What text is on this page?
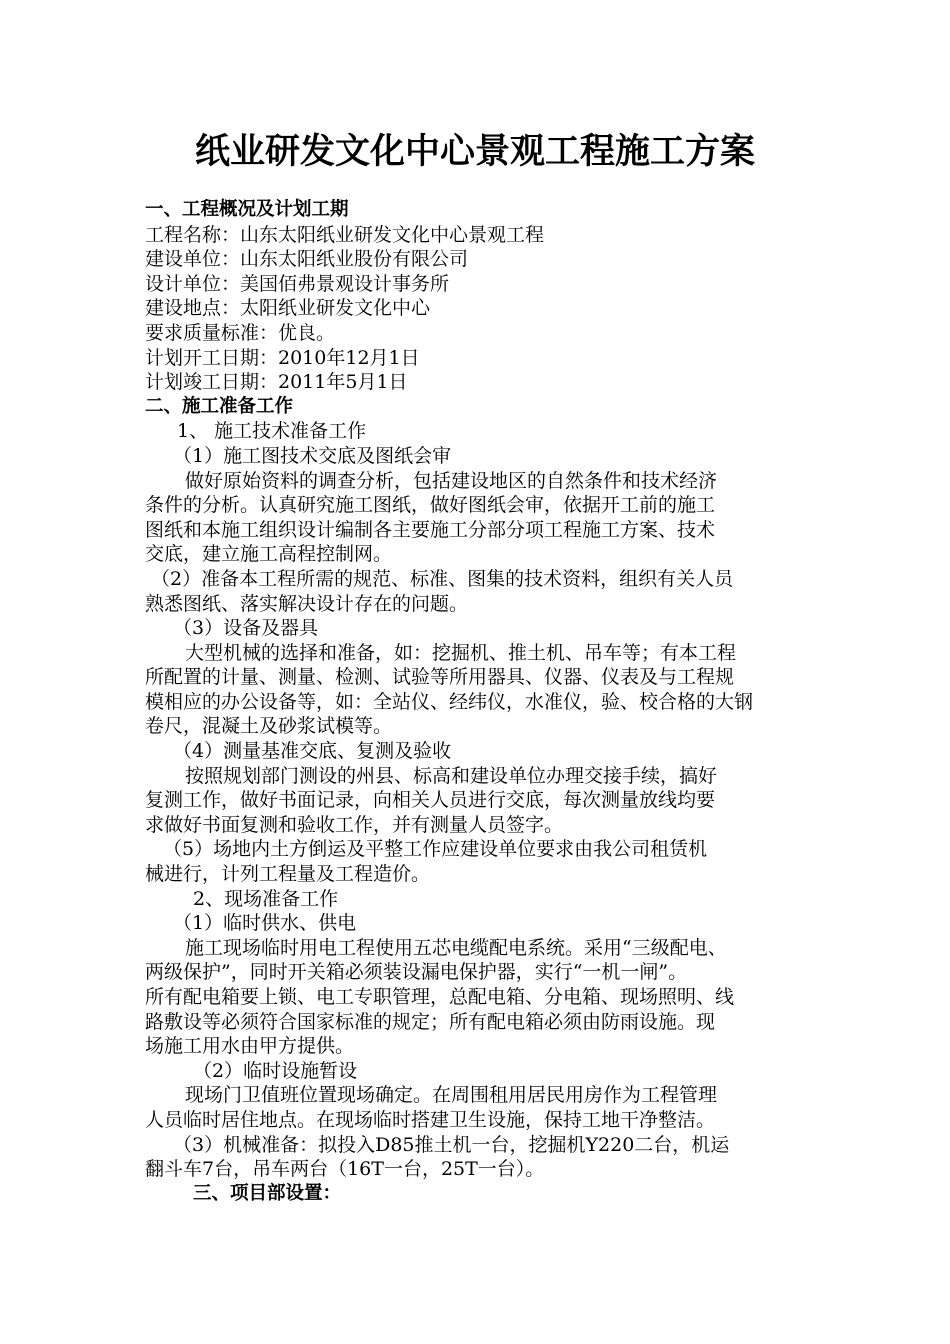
纸业研发文化中心景观工程施工方案
一、工程概况及计划工期
工程名称：山东太阳纸业研发文化中心景观工程
建设单位：山东太阳纸业股份有限公司
设计单位：美国佰弗景观设计事务所
建设地点：太阳纸业研发文化中心
要求质量标准：优良。
计划开工日期：2010年12月1日
计划竣工日期：2011年5月1日
二、施工准备工作
1、 施工技术准备工作
（1）施工图技术交底及图纸会审
做好原始资料的调查分析，包括建设地区的自然条件和技术经济
条件的分析。认真研究施工图纸，做好图纸会审，依据开工前的施工
图纸和本施工组织设计编制各主要施工分部分项工程施工方案、技术
交底，建立施工高程控制网。
（2）准备本工程所需的规范、标准、图集的技术资料，组织有关人员
熟悉图纸、落实解决设计存在的问题。
（3）设备及器具
大型机械的选择和准备，如：挖掘机、推土机、吊车等；有本工程
所配置的计量、测量、检测、试验等所用器具、仪器、仪表及与工程规
模相应的办公设备等，如：全站仪、经纬仪，水准仪，验、校合格的大钢
卷尺，混凝土及砂浆试模等。
（4）测量基准交底、复测及验收
按照规划部门测设的州县、标高和建设单位办理交接手续，搞好
复测工作，做好书面记录，向相关人员进行交底，每次测量放线均要
求做好书面复测和验收工作，并有测量人员签字。
（5）场地内土方倒运及平整工作应建设单位要求由我公司租赁机
械进行，计列工程量及工程造价。
2、现场准备工作
（1）临时供水、供电
施工现场临时用电工程使用五芯电缆配电系统。采用“三级配电、
两级保护”，同时开关箱必须装设漏电保护器，实行“一机一闸”。
所有配电箱要上锁、电工专职管理，总配电箱、分电箱、现场照明、线
路敷设等必须符合国家标准的规定；所有配电箱必须由防雨设施。现
场施工用水由甲方提供。
（2）临时设施暂设
现场门卫值班位置现场确定。在周围租用居民用房作为工程管理
人员临时居住地点。在现场临时搭建卫生设施，保持工地干净整洁。
（3）机械准备：拟投入D85推土机一台，挖掘机Y220二台，机运
翻斗车7台，吊车两台（16T一台，25T一台）。
三、项目部设置：
